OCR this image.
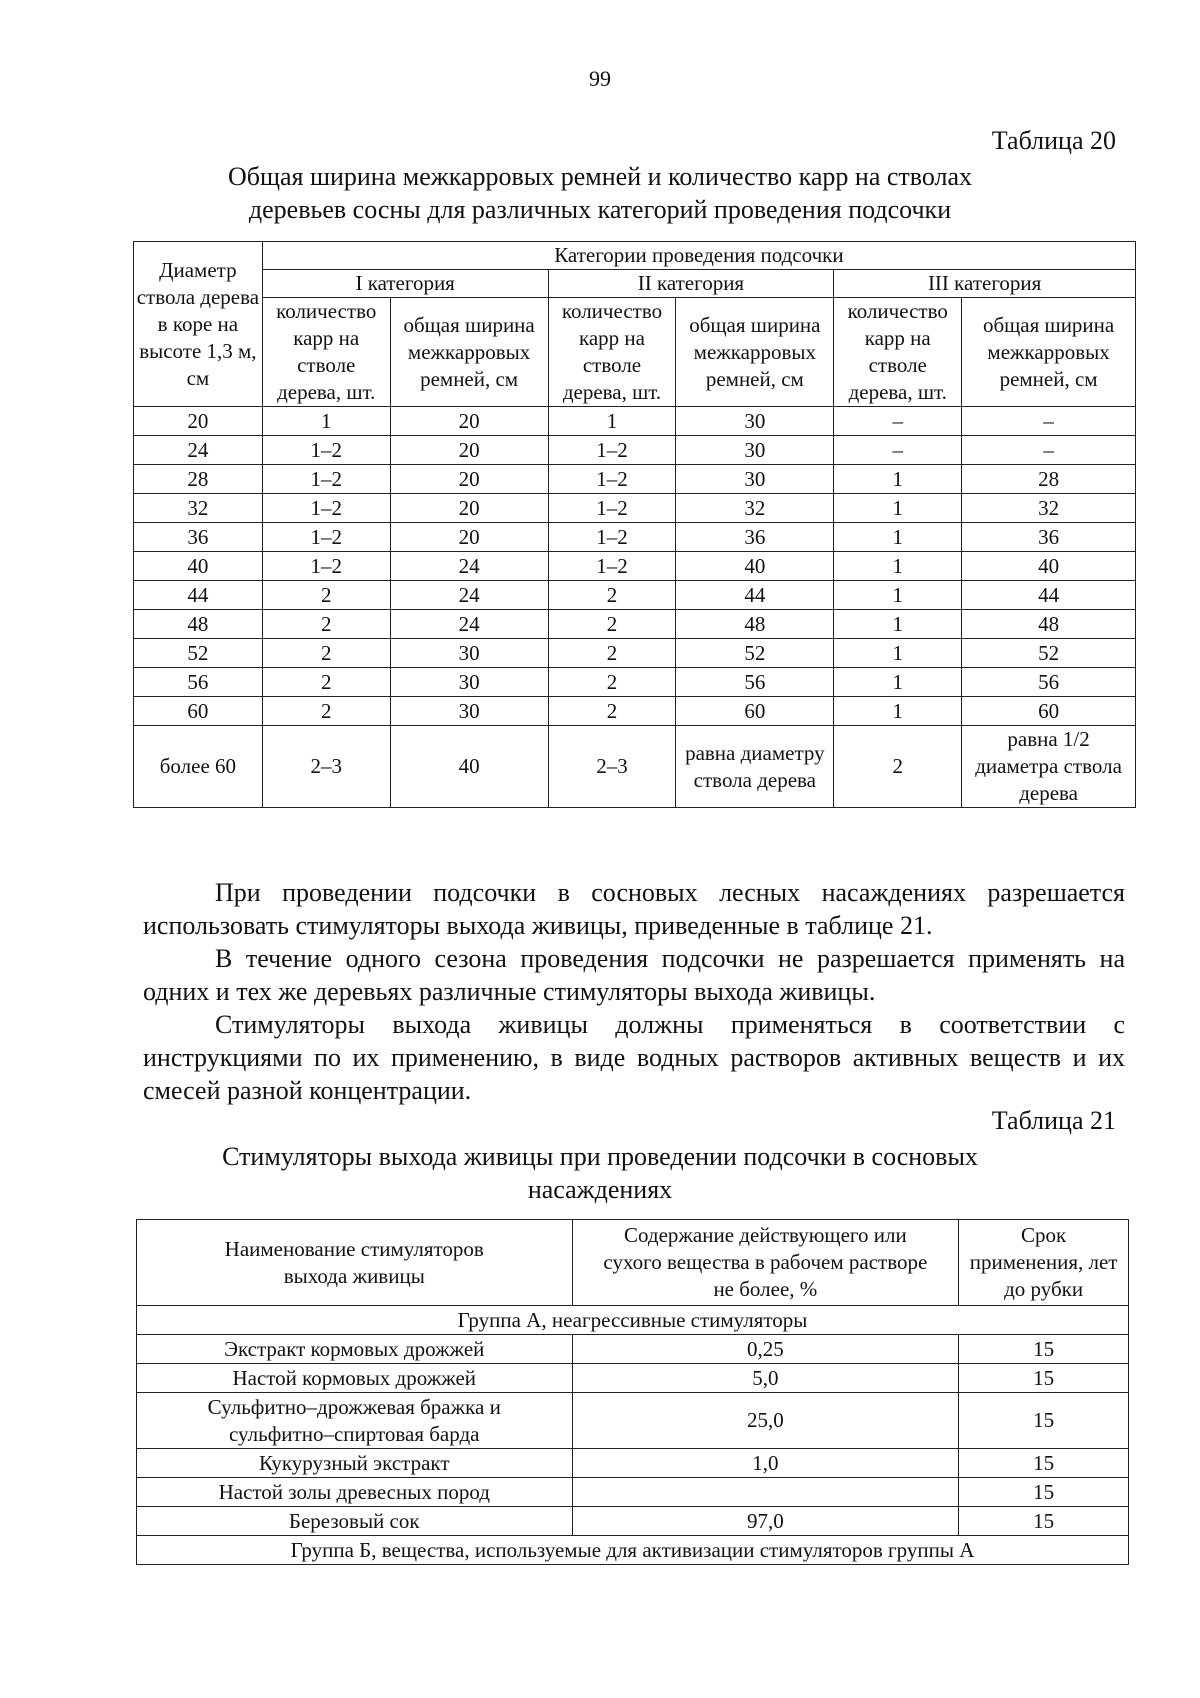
99
Таблица 20
Общая ширина межкарровых ремней и количество карр на стволах
деревьев сосны для различных категорий проведения подсочки
Диаметр ствола дерева в коре на высоте 1,3 м, см	Категории проведения подсочки					
	I категория		II категория		III категория	
	количество карр на стволе дерева, шт.	общая ширина межкарровых ремней, см	количество карр на стволе дерева, шт.	общая ширина межкарровых ремней, см	количество карр на стволе дерева, шт.	общая ширина межкарровых ремней, см
20	1	20	1	30	–	–
24	1–2	20	1–2	30	–	–
28	1–2	20	1–2	30	1	28
32	1–2	20	1–2	32	1	32
36	1–2	20	1–2	36	1	36
40	1–2	24	1–2	40	1	40
44	2	24	2	44	1	44
48	2	24	2	48	1	48
52	2	30	2	52	1	52
56	2	30	2	56	1	56
60	2	30	2	60	1	60
более 60	2–3	40	2–3	равна диаметру ствола дерева	2	равна 1/2 диаметра ствола дерева

При проведении подсочки в сосновых лесных насаждениях разрешается использовать стимуляторы выхода живицы, приведенные в таблице 21.

В течение одного сезона проведения подсочки не разрешается применять на одних и тех же деревьях различные стимуляторы выхода живицы.

Стимуляторы выхода живицы должны применяться в соответствии с инструкциями по их применению, в виде водных растворов активных веществ и их смесей разной концентрации.

Таблица 21
Стимуляторы выхода живицы при проведении подсочки в сосновых
насаждениях
Наименование стимуляторов выхода живицы	Содержание действующего или сухого вещества в рабочем растворе не более, %	Срок применения, лет до рубки
Группа А, неагрессивные стимуляторы		
Экстракт кормовых дрожжей	0,25	15
Настой кормовых дрожжей	5,0	15

Сульфитно–дрожжевая бражка и сульфитно–спиртовая барда	25,0	15
Кукурузный экстракт	1,0	15
Настой золы древесных пород		15
Березовый сок	97,0	15
Группа Б, вещества, используемые для активизации стимуляторов группы А		
